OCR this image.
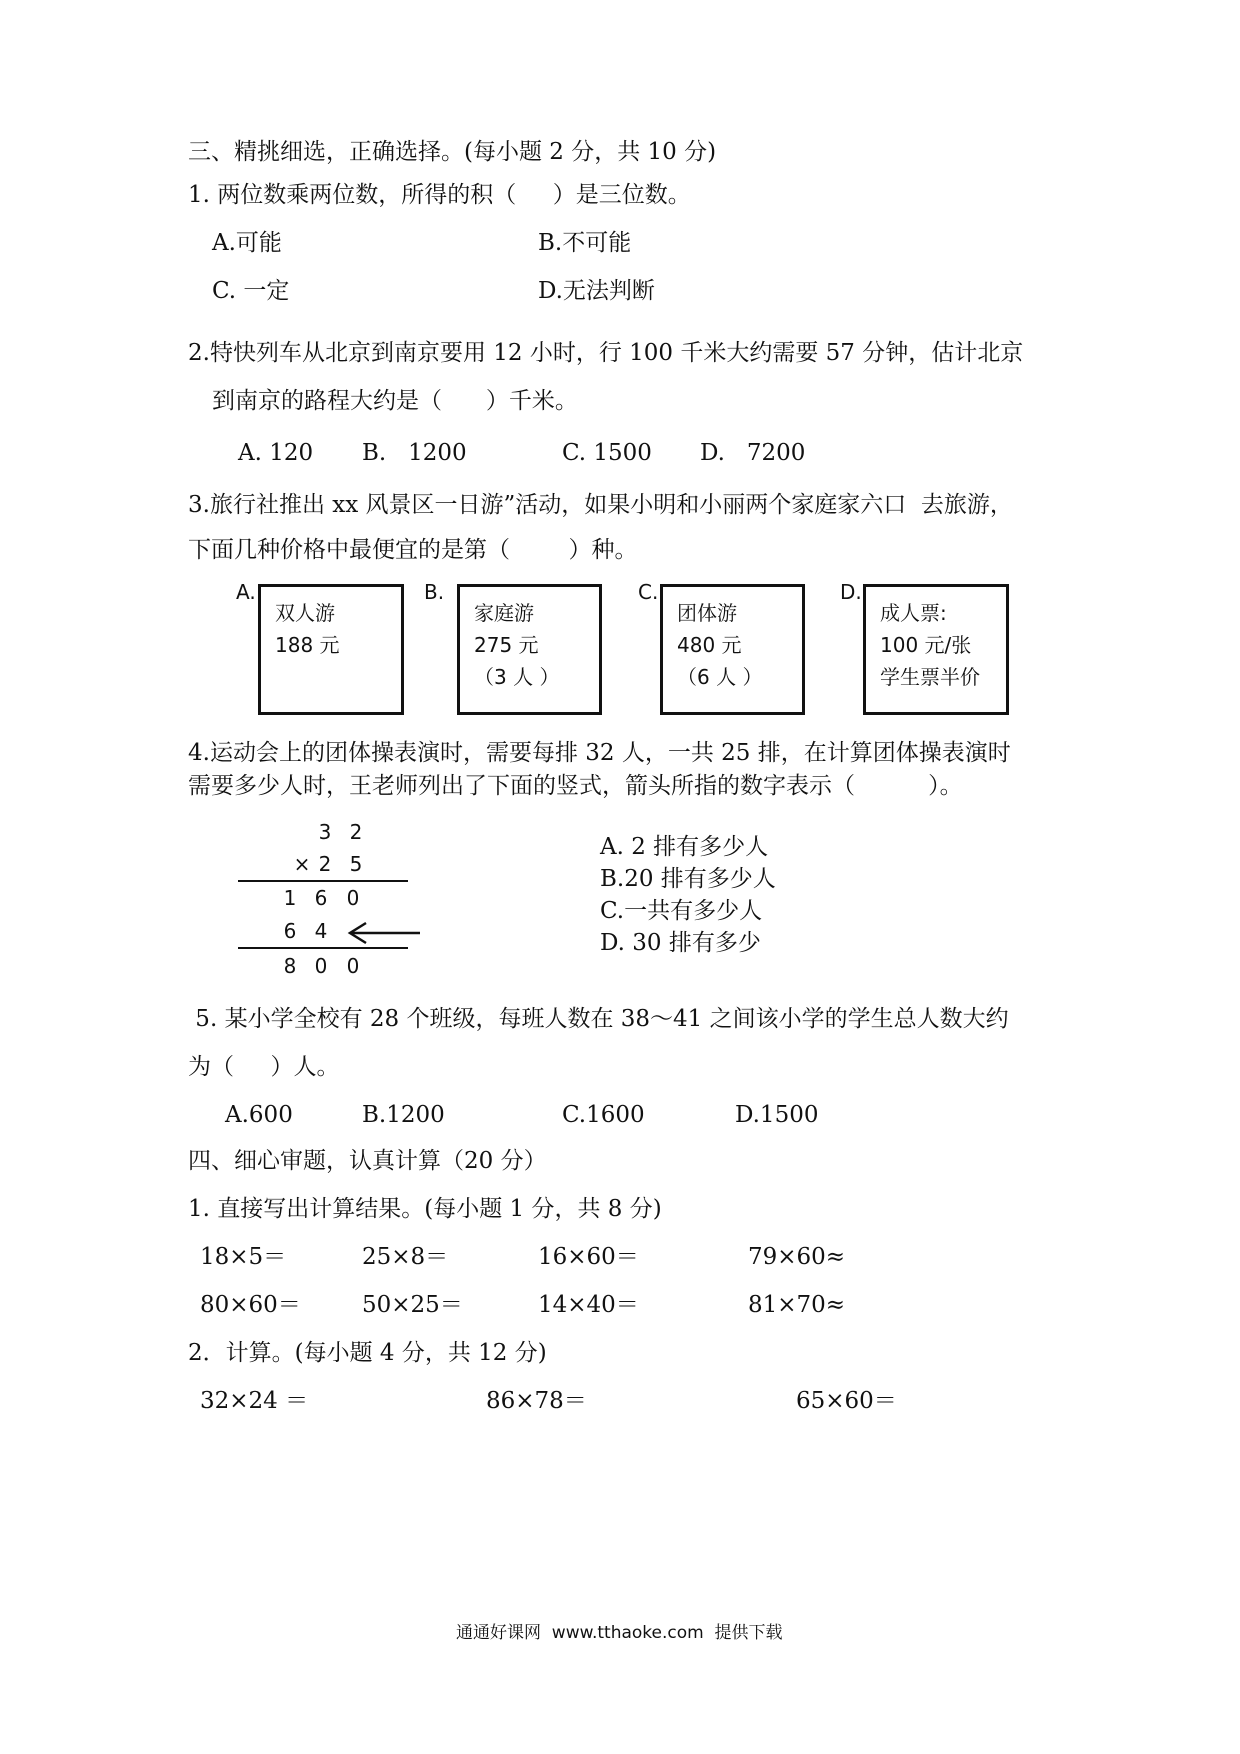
三、精挑细选，正确选择。(每小题 2 分，共 10 分)
1. 两位数乘两位数，所得的积（     ）是三位数。
A.可能	B.不可能
C. 一定	D.无法判断
2.特快列车从北京到南京要用 12 小时，行 100 千米大约需要 57 分钟，估计北京
到南京的路程大约是（      ）千米。
A. 120 B.   1200	C. 1500 D.   7200
3.旅行社推出 xx 风景区一日游”活动，如果小明和小丽两个家庭家六口  去旅游，
下面几种价格中最便宜的是第（        ）种。
A.
双人游
188 元
B.
家庭游
275 元
（3 人 ）
C.
团体游
480 元
（6 人 ）
D.
成人票:
100 元/张
学生票半价
4.运动会上的团体操表演时，需要每排 32 人，一共 25 排，在计算团体操表演时
需要多少人时，王老师列出了下面的竖式，箭头所指的数字表示（          ）。
3 2
× 2 5
1 6 0
6 4
8 0 0
A. 2 排有多少人
B.20 排有多少人
C.一共有多少人
D. 30 排有多少
5. 某小学全校有 28 个班级，每班人数在 38～41 之间该小学的学生总人数大约
为（     ）人。
A.600	B.1200	C.1600	D.1500
四、细心审题，认真计算（20 分）
1. 直接写出计算结果。(每小题 1 分，共 8 分)
18×5＝	25×8＝	16×60＝	79×60≈
80×60＝	50×25＝	14×40＝	81×70≈
2．计算。(每小题 4 分，共 12 分)
32×24 ＝	86×78＝	65×60＝
通通好课网  www.tthaoke.com  提供下载
